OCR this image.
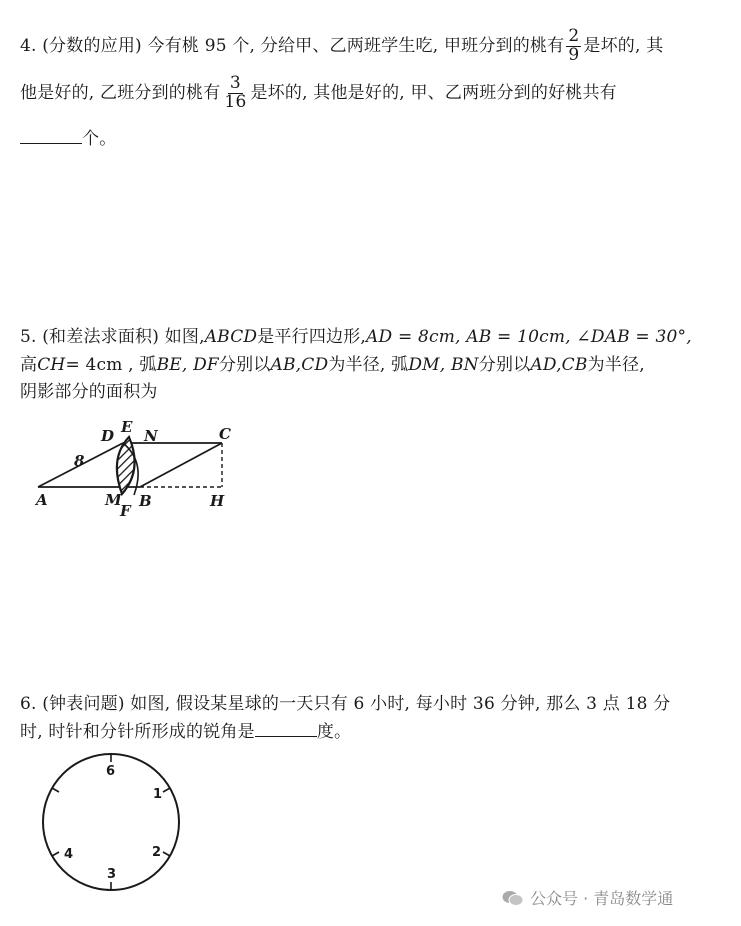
4. (分数的应用) 今有桃 95 个, 分给甲、乙两班学生吃, 甲班分到的桃有 $\frac{2}{9}$ 是坏的, 其
他是好的, 乙班分到的桃有 $\frac{3}{16}$ 是坏的, 其他是好的, 甲、乙两班分到的好桃共有
个。
5. (和差法求面积) 如图,ABCD是平行四边形,AD = 8cm, AB = 10cm, ∠DAB = 30°,
高CH= 4cm , 弧BE, DF分别以AB,CD为半径, 弧DM, BN分别以AD,CB为半径,
阴影部分的面积为
D E N	C
8
A	M
F
B	H
6. (钟表问题) 如图, 假设某星球的一天只有 6 小时, 每小时 36 分钟, 那么 3 点 18 分
时, 时针和分针所形成的锐角是	度。
6
1
2
3
4
公众号 · 青岛数学通
